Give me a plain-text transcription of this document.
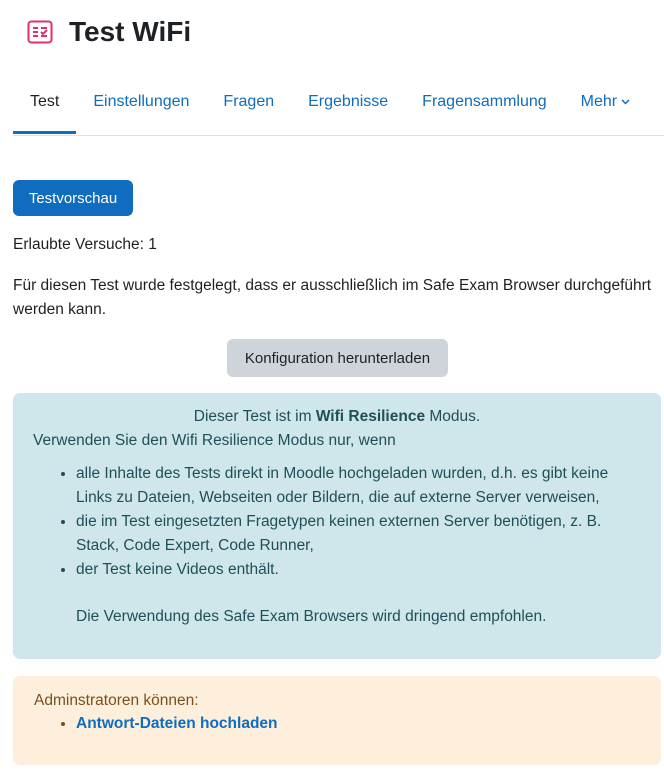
Test WiFi
Test Einstellungen Fragen Ergebnisse Fragensammlung Mehr
Testvorschau
Erlaubte Versuche: 1
Für diesen Test wurde festgelegt, dass er ausschließlich im Safe Exam Browser durchgeführt werden kann.
Konfiguration herunterladen
Dieser Test ist im Wifi Resilience Modus.
Verwenden Sie den Wifi Resilience Modus nur, wenn
• alle Inhalte des Tests direkt in Moodle hochgeladen wurden, d.h. es gibt keine Links zu Dateien, Webseiten oder Bildern, die auf externe Server verweisen,
• die im Test eingesetzten Fragetypen keinen externen Server benötigen, z. B. Stack, Code Expert, Code Runner,
• der Test keine Videos enthält.
Die Verwendung des Safe Exam Browsers wird dringend empfohlen.
Adminstratoren können:
• Antwort-Dateien hochladen
